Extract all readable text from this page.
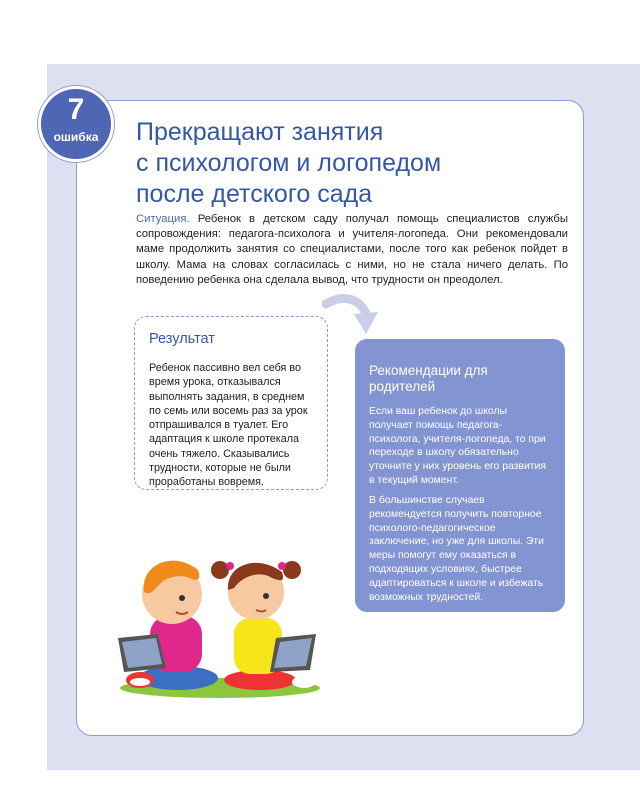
7
ошибка	Прекращают занятия
с психологом и логопедом
после детского сада

Ситуация. Ребенок в детском саду получал помощь специалистов службы сопровождения: педагога-психолога и учителя-логопеда. Они рекомендовали маме продолжить занятия со специалистами, после того как ребенок пойдет в школу. Мама на словах согласилась с ними, но не стала ничего делать. По поведению ребенка она сделала вывод, что трудности он преодолел.

Результат

Ребенок пассивно вел себя во время урока, отказывался выполнять задания, в среднем по семь или восемь раз за урок отпрашивался в туалет. Его адаптация к школе протекала очень тяжело. Сказывались трудности, которые не были проработаны вовремя.

Рекомендации для родителей

Если ваш ребенок до школы получает помощь педагога-психолога, учителя-логопеда, то при переходе в школу обязательно уточните у них уровень его развития в текущий момент.

В большинстве случаев рекомендуется получить повторное психолого-педагогическое заключение, но уже для школы. Эти меры помогут ему оказаться в подходящих условиях, быстрее адаптироваться к школе и избежать возможных трудностей.
